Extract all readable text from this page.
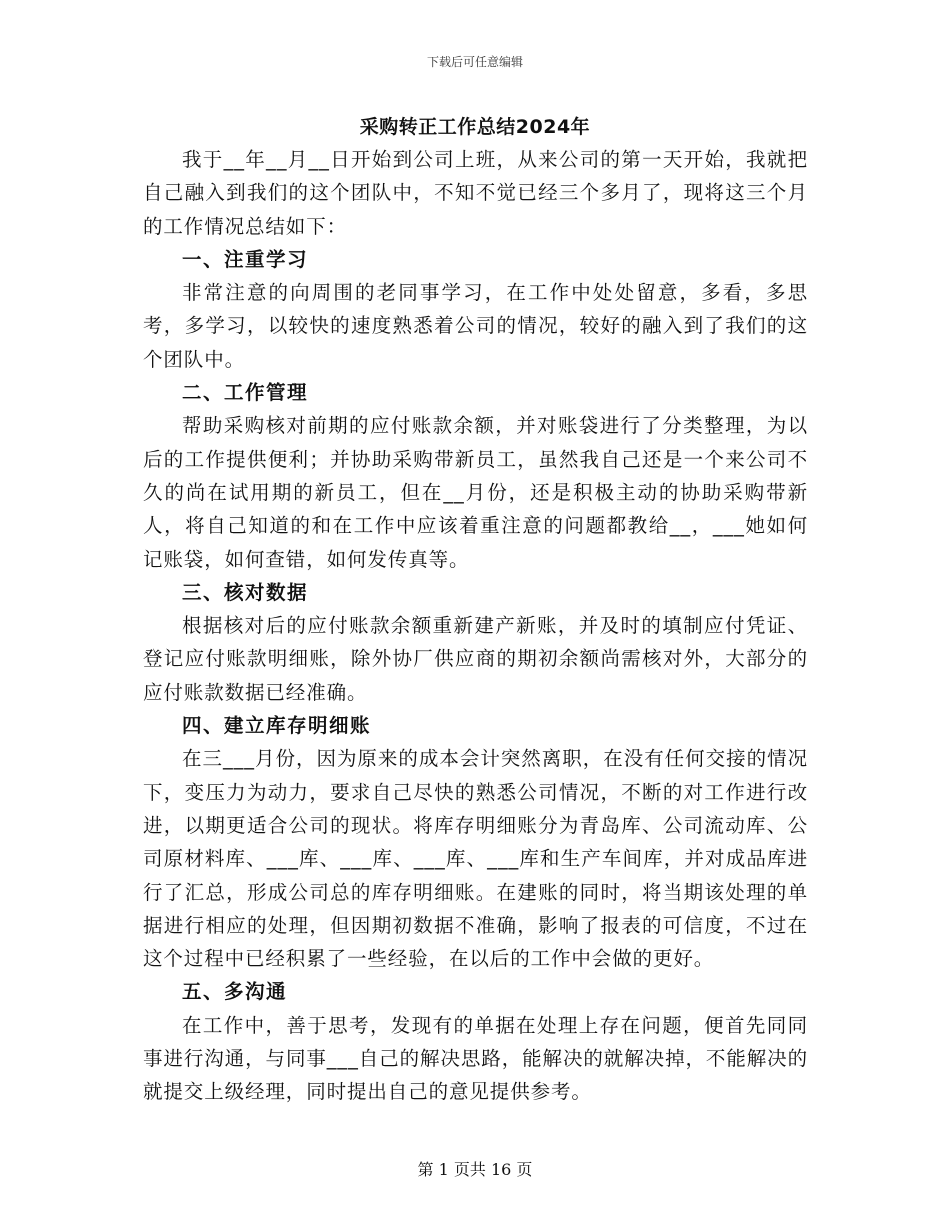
下载后可任意编辑
采购转正工作总结2024年

我于__年__月__日开始到公司上班，从来公司的第一天开始，我就把自己融入到我们的这个团队中，不知不觉已经三个多月了，现将这三个月的工作情况总结如下：

一、注重学习

非常注意的向周围的老同事学习，在工作中处处留意，多看，多思考，多学习，以较快的速度熟悉着公司的情况，较好的融入到了我们的这个团队中。

二、工作管理

帮助采购核对前期的应付账款余额，并对账袋进行了分类整理，为以后的工作提供便利；并协助采购带新员工，虽然我自己还是一个来公司不久的尚在试用期的新员工，但在__月份，还是积极主动的协助采购带新人，将自己知道的和在工作中应该着重注意的问题都教给__，___她如何记账袋，如何查错，如何发传真等。

三、核对数据

根据核对后的应付账款余额重新建产新账，并及时的填制应付凭证、登记应付账款明细账，除外协厂供应商的期初余额尚需核对外，大部分的应付账款数据已经准确。

四、建立库存明细账

在三___月份，因为原来的成本会计突然离职，在没有任何交接的情况下，变压力为动力，要求自己尽快的熟悉公司情况，不断的对工作进行改进，以期更适合公司的现状。将库存明细账分为青岛库、公司流动库、公司原材料库、___库、___库、___库、___库和生产车间库，并对成品库进行了汇总，形成公司总的库存明细账。在建账的同时，将当期该处理的单据进行相应的处理，但因期初数据不准确，影响了报表的可信度，不过在这个过程中已经积累了一些经验，在以后的工作中会做的更好。

五、多沟通

在工作中，善于思考，发现有的单据在处理上存在问题，便首先同同事进行沟通，与同事___自己的解决思路，能解决的就解决掉，不能解决的就提交上级经理，同时提出自己的意见提供参考。

第 1 页共 16 页
